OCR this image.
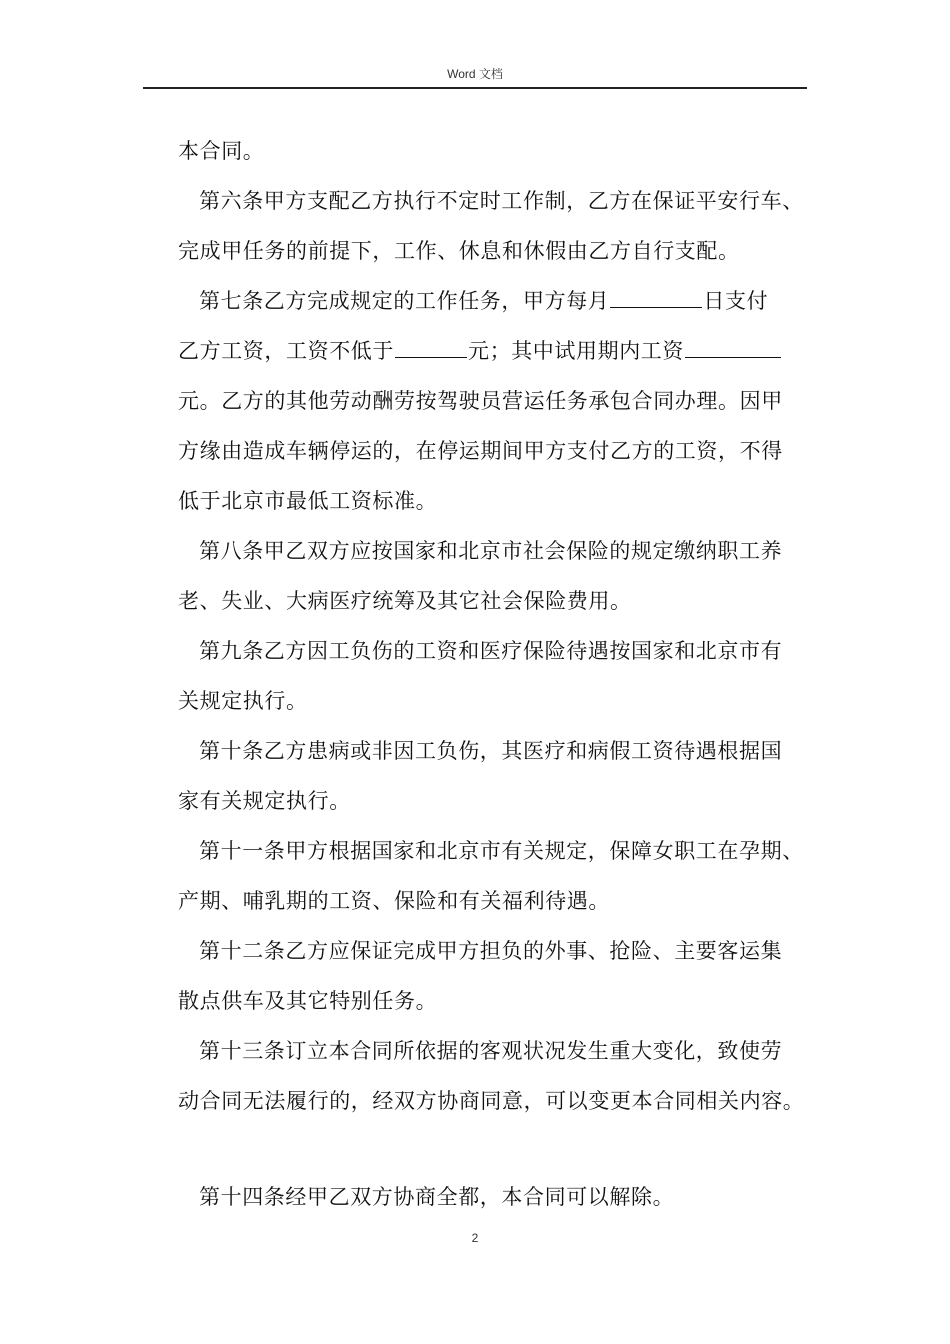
Word 文档
本合同。
第六条甲方支配乙方执行不定时工作制，乙方在保证平安行车、
完成甲任务的前提下，工作、休息和休假由乙方自行支配。
第七条乙方完成规定的工作任务，甲方每月	日支付
乙方工资，工资不低于	元；其中试用期内工资
元。乙方的其他劳动酬劳按驾驶员营运任务承包合同办理。因甲
方缘由造成车辆停运的，在停运期间甲方支付乙方的工资，不得
低于北京市最低工资标准。
第八条甲乙双方应按国家和北京市社会保险的规定缴纳职工养
老、失业、大病医疗统筹及其它社会保险费用。
第九条乙方因工负伤的工资和医疗保险待遇按国家和北京市有
关规定执行。
第十条乙方患病或非因工负伤，其医疗和病假工资待遇根据国
家有关规定执行。
第十一条甲方根据国家和北京市有关规定，保障女职工在孕期、
产期、哺乳期的工资、保险和有关福利待遇。
第十二条乙方应保证完成甲方担负的外事、抢险、主要客运集
散点供车及其它特别任务。
第十三条订立本合同所依据的客观状况发生重大变化，致使劳
动合同无法履行的，经双方协商同意，可以变更本合同相关内容。
第十四条经甲乙双方协商全都，本合同可以解除。
2
